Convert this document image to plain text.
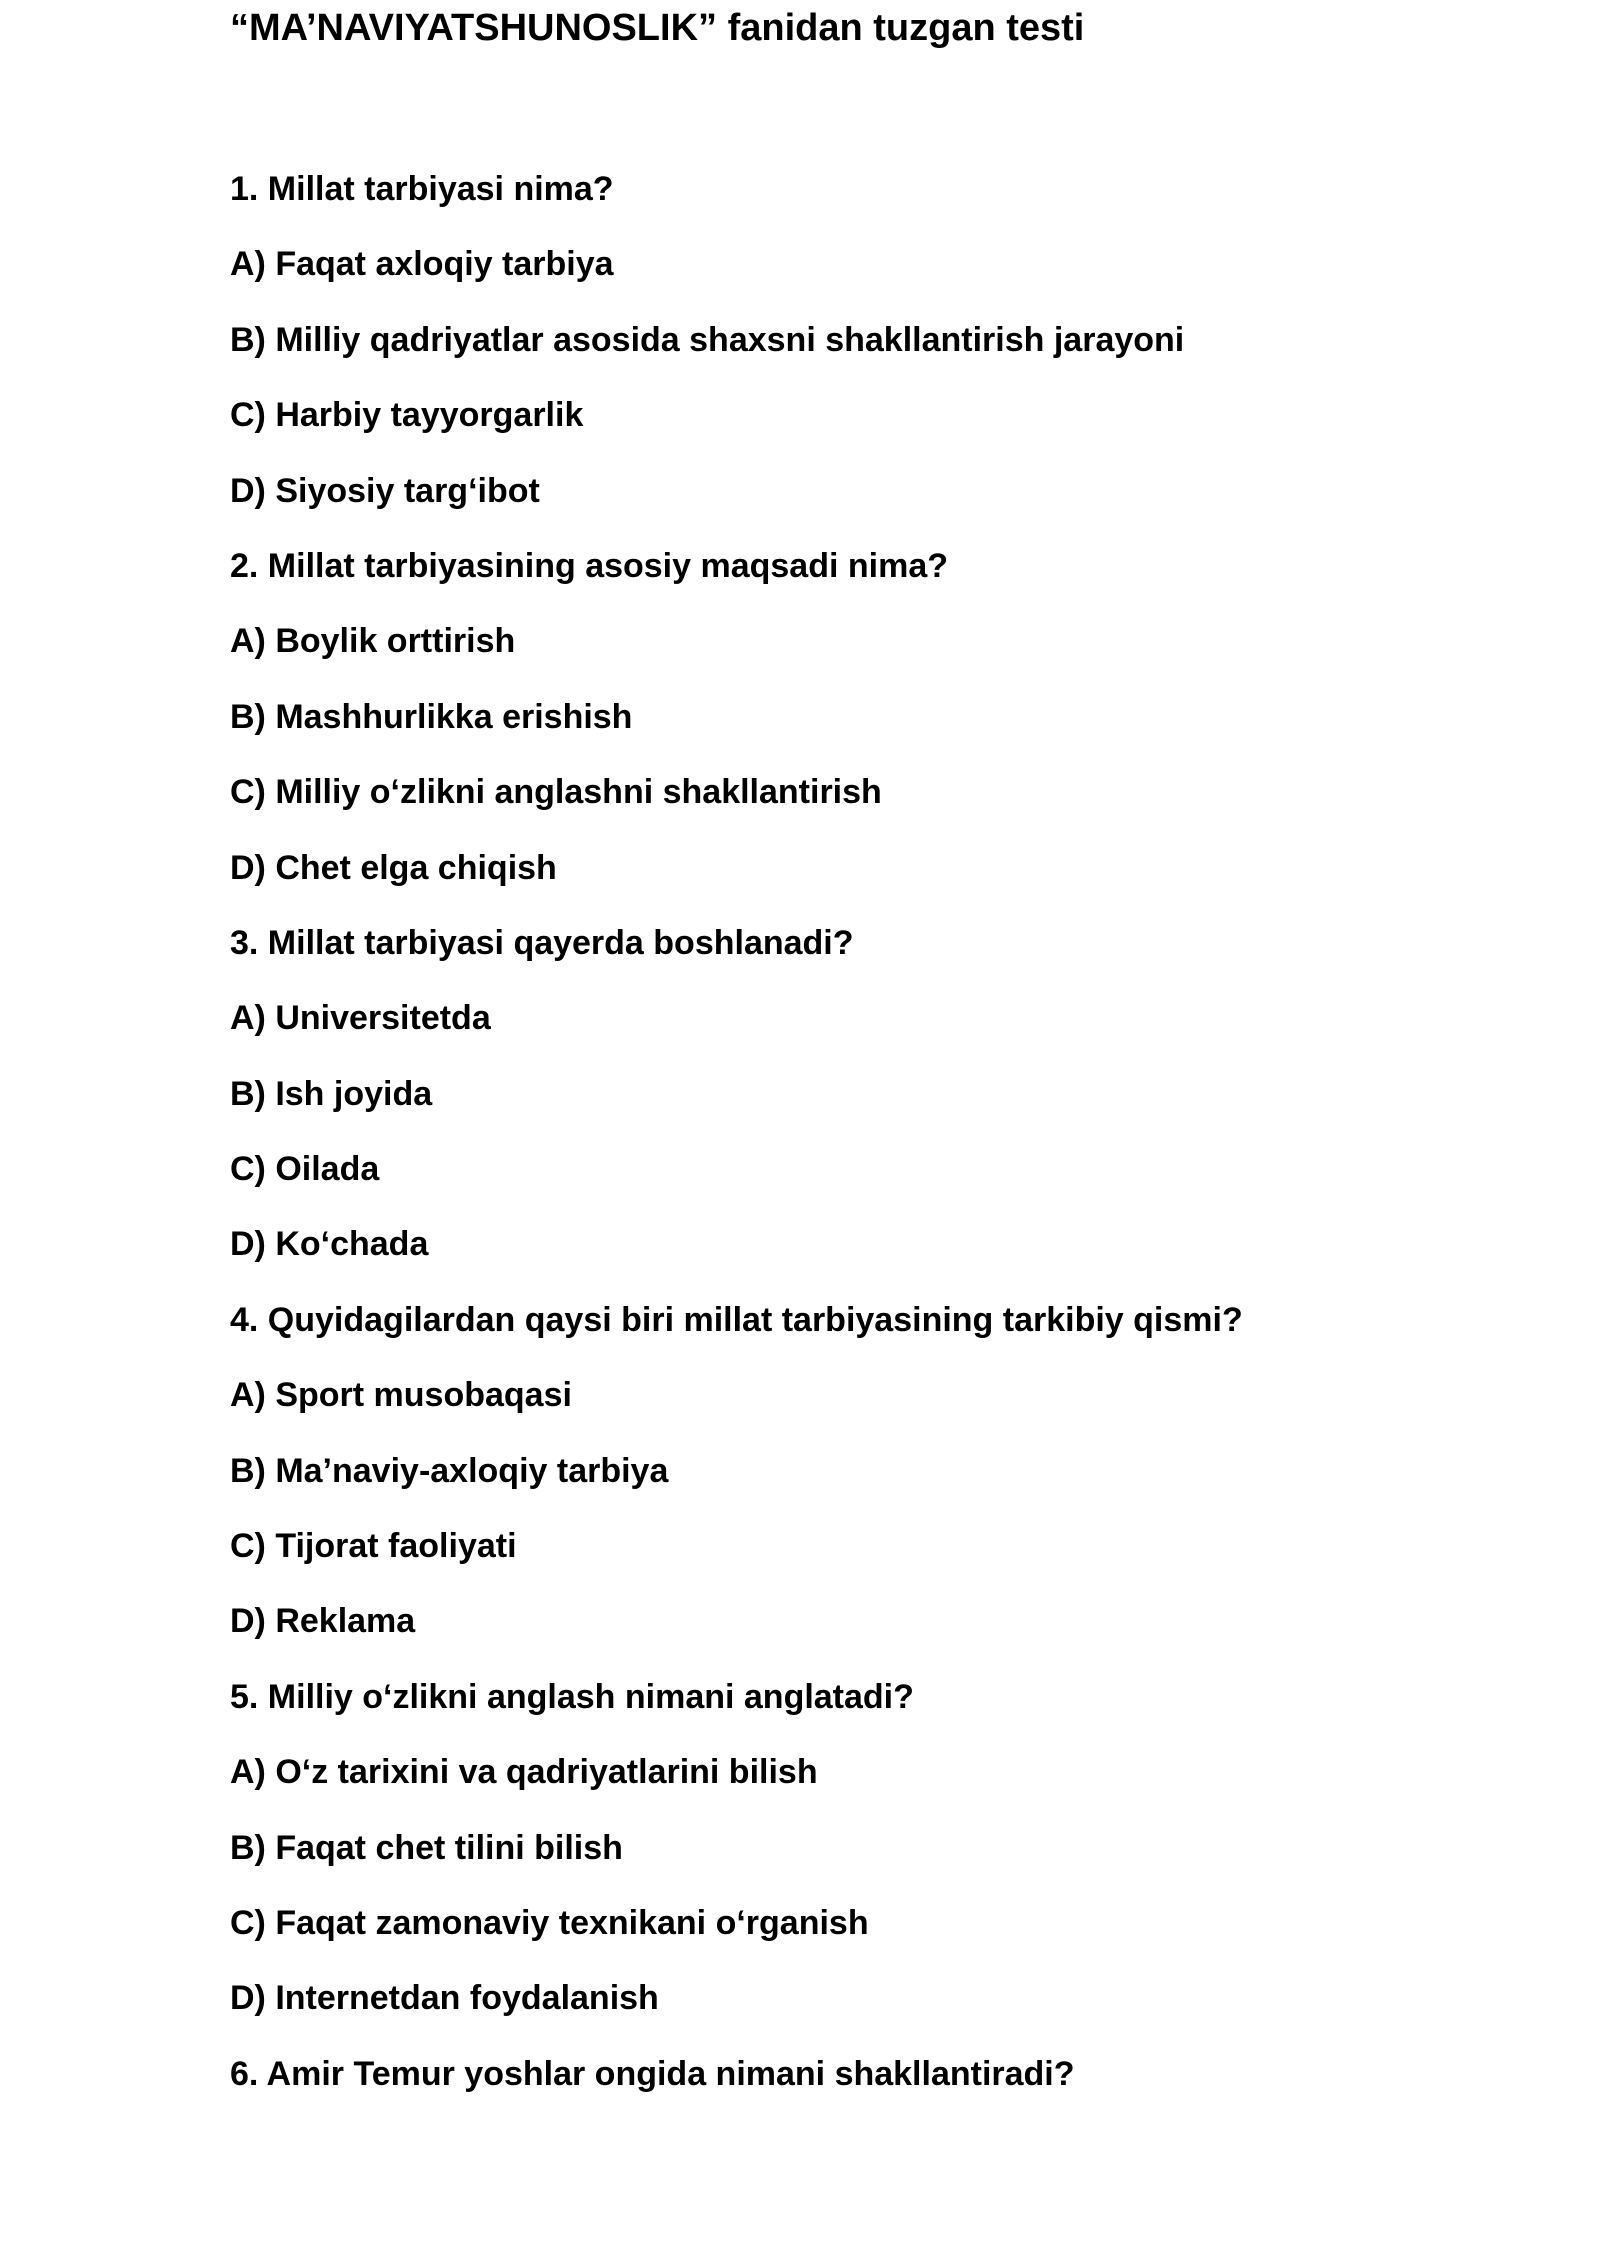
“MA’NAVIYATSHUNOSLIK” fanidan tuzgan testi
1. Millat tarbiyasi nima?
A) Faqat axloqiy tarbiya
B) Milliy qadriyatlar asosida shaxsni shakllantirish jarayoni
C) Harbiy tayyorgarlik
D) Siyosiy targ‘ibot
2. Millat tarbiyasining asosiy maqsadi nima?
A) Boylik orttirish
B) Mashhurlikka erishish
C) Milliy o‘zlikni anglashni shakllantirish
D) Chet elga chiqish
3. Millat tarbiyasi qayerda boshlanadi?
A) Universitetda
B) Ish joyida
C) Oilada
D) Ko‘chada
4. Quyidagilardan qaysi biri millat tarbiyasining tarkibiy qismi?
A) Sport musobaqasi
B) Ma’naviy-axloqiy tarbiya
C) Tijorat faoliyati
D) Reklama
5. Milliy o‘zlikni anglash nimani anglatadi?
A) O‘z tarixini va qadriyatlarini bilish
B) Faqat chet tilini bilish
C) Faqat zamonaviy texnikani o‘rganish
D) Internetdan foydalanish
6. Amir Temur yoshlar ongida nimani shakllantiradi?
